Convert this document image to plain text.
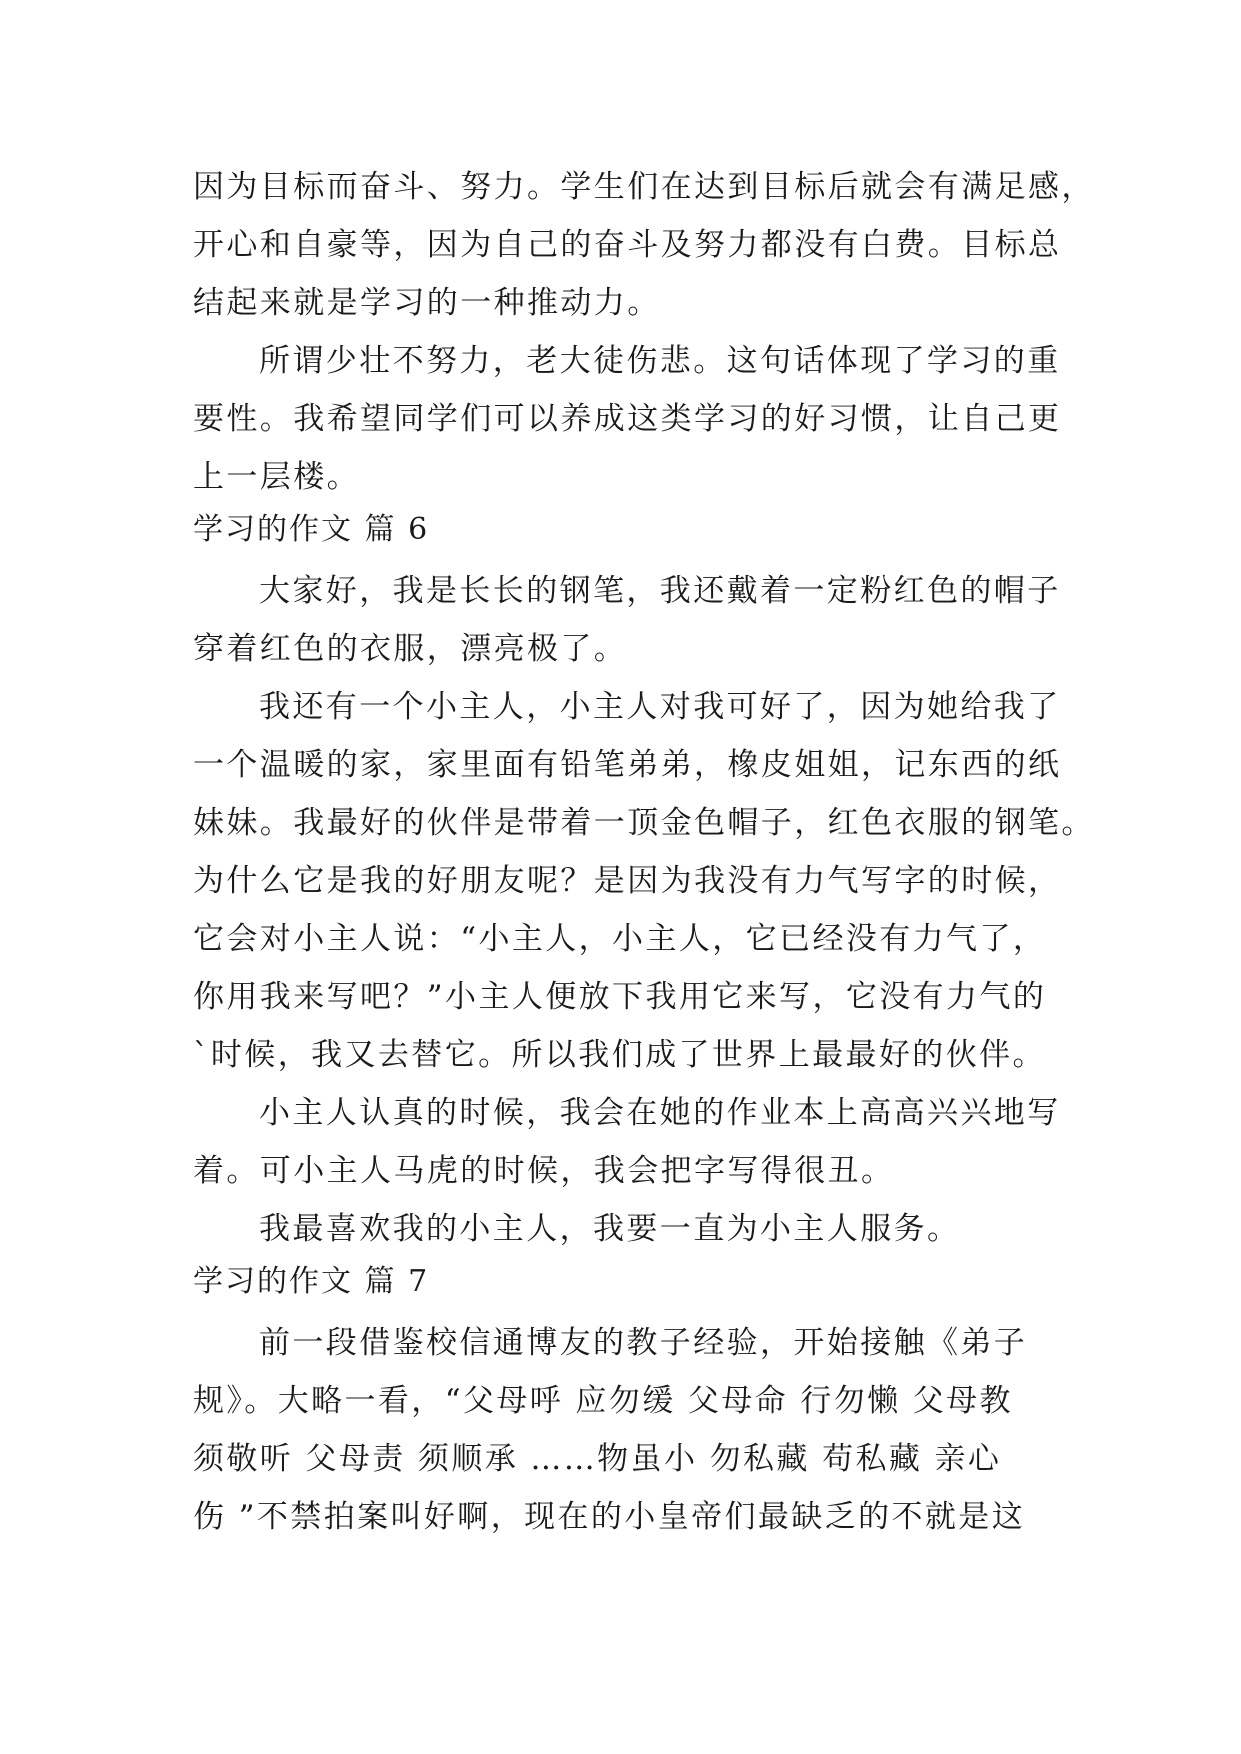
因为目标而奋斗、努力。学生们在达到目标后就会有满足感，
开心和自豪等，因为自己的奋斗及努力都没有白费。目标总
结起来就是学习的一种推动力。
所谓少壮不努力，老大徒伤悲。这句话体现了学习的重
要性。我希望同学们可以养成这类学习的好习惯，让自己更
上一层楼。
学习的作文 篇 6
大家好，我是长长的钢笔，我还戴着一定粉红色的帽子
穿着红色的衣服，漂亮极了。
我还有一个小主人，小主人对我可好了，因为她给我了
一个温暖的家，家里面有铅笔弟弟，橡皮姐姐，记东西的纸
妹妹。我最好的伙伴是带着一顶金色帽子，红色衣服的钢笔。
为什么它是我的好朋友呢？是因为我没有力气写字的时候，
它会对小主人说：“小主人，小主人，它已经没有力气了，
你用我来写吧？”小主人便放下我用它来写，它没有力气的
`时候，我又去替它。所以我们成了世界上最最好的伙伴。
小主人认真的时候，我会在她的作业本上高高兴兴地写
着。可小主人马虎的时候，我会把字写得很丑。
我最喜欢我的小主人，我要一直为小主人服务。
学习的作文 篇 7
前一段借鉴校信通博友的教子经验，开始接触《弟子
规》。大略一看，“父母呼 应勿缓 父母命 行勿懒 父母教
须敬听 父母责 须顺承 ……物虽小 勿私藏 苟私藏 亲心
伤 ”不禁拍案叫好啊，现在的小皇帝们最缺乏的不就是这
